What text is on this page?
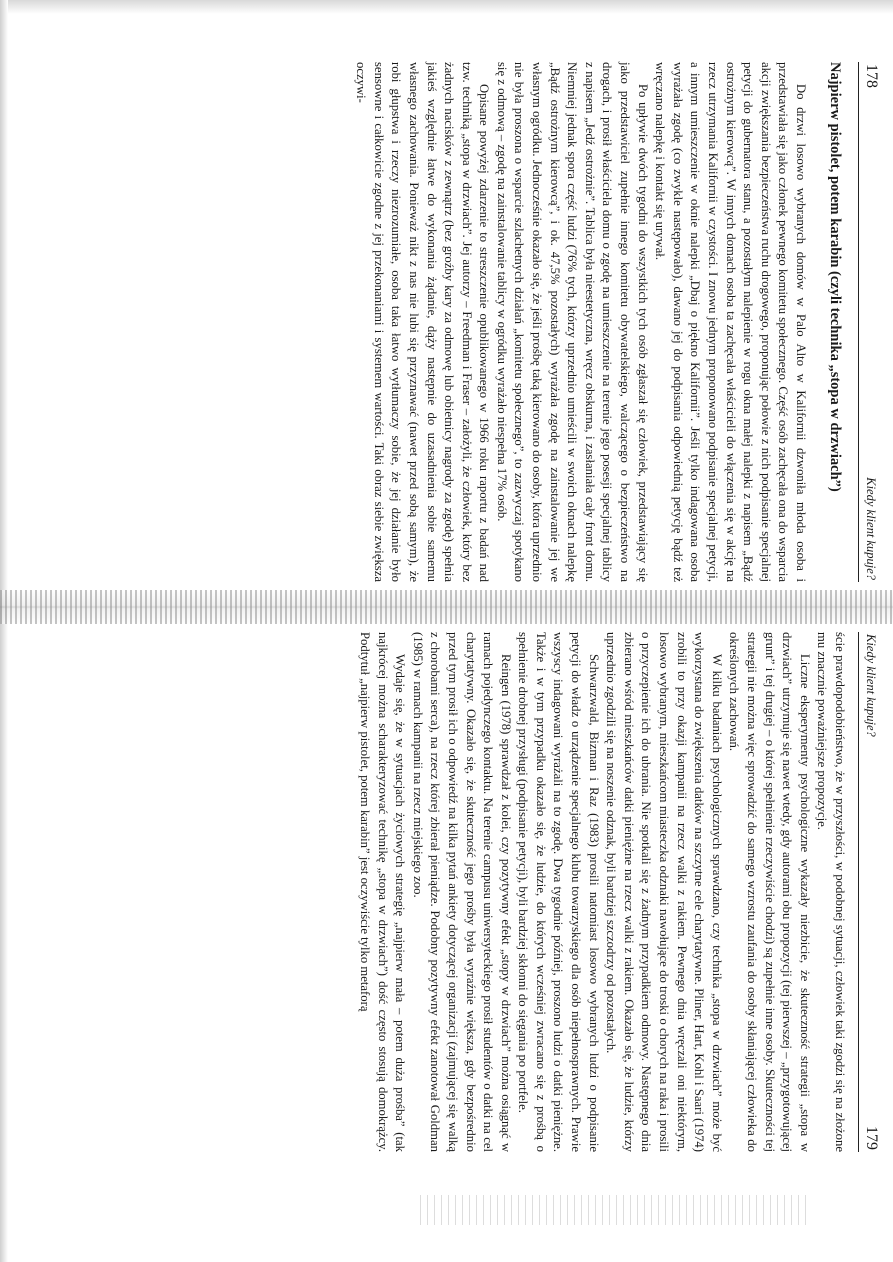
178
Kiedy klient kupuje?
Najpierw pistolet, potem karabin (czyli technika „stopa w drzwiach”)

Do drzwi losowo wybranych domów w Palo Alto w Kalifornii dzwoniła młoda osoba i przedstawiała się jako członek pewnego komitetu społecznego. Część osób zachęcała ona do wsparcia akcji zwiększania bezpieczeństwa ruchu drogowego, proponując połowie z nich podpisanie specjalnej petycji do gubernatora stanu, a pozostałym nalepienie w rogu okna małej nalepki z napisem „Bądź ostrożnym kierowcą”. W innych domach osoba ta zachęcała właścicieli do włączenia się w akcję na rzecz utrzymania Kalifornii w czystości. I znowu jednym proponowano podpisanie specjalnej petycji, a innym umieszczenie w oknie nalepki „Dbaj o piękno Kalifornii”. Jeśli tylko indagowana osoba wyrażała zgodę (co zwykle następowało), dawano jej do podpisania odpowiednią petycję bądź też wręczano nalepkę i kontakt się urywał.

Po upływie dwóch tygodni do wszystkich tych osób zgłaszał się człowiek, przedstawiający się jako przedstawiciel zupełnie innego komitetu obywatelskiego, walczącego o bezpieczeństwo na drogach, i prosił właściciela domu o zgodę na umieszczenie na terenie jego posesji specjalnej tablicy z napisem „Jedź ostrożnie”. Tablica była nieestetyczna, wręcz obskurna, i zasłaniała cały front domu. Niemniej jednak spora część ludzi (76% tych, którzy uprzednio umieścili w swoich oknach nalepkę „Bądź ostrożnym kierowcą”, i ok. 47,5% pozostałych) wyrażała zgodę na zainstalowanie jej we własnym ogródku. Jednocześnie okazało się, że jeśli prośbę taką kierowano do osoby, która uprzednio nie była proszona o wsparcie szlachetnych działań „komitetu społecznego”, to zazwyczaj spotykano się z odmową – zgodę na zainstalowanie tablicy w ogródku wyrażało niespełna 17% osób.

Opisane powyżej zdarzenie to streszczenie opublikowanego w 1966 roku raportu z badań nad tzw. techniką „stopa w drzwiach”. Jej autorzy – Freedman i Fraser – założyli, że człowiek, który bez żadnych nacisków z zewnątrz (bez groźby kary za odmowę lub obietnicy nagrody za zgodę) spełnia jakieś względnie łatwe do wykonania żądanie, dąży następnie do uzasadnienia sobie samemu własnego zachowania. Ponieważ nikt z nas nie lubi się przyznawać (nawet przed sobą samym), że robi głupstwa i rzeczy niezrozumiałe, osoba taka łatwo wytłumaczy sobie, że jej działanie było sensowne i całkowicie zgodne z jej przekonaniami i systemem wartości. Taki obraz siebie zwiększa oczywi-

Kiedy klient kupuje?
179

ście prawdopodobieństwo, że w przyszłości, w podobnej sytuacji, człowiek taki zgodzi się na złożone mu znacznie poważniejsze propozycje.

Liczne eksperymenty psychologiczne wykazały niezbicie, że skuteczność strategii „stopa w drzwiach” utrzymuje się nawet wtedy, gdy autorami obu propozycji (tej pierwszej – „przygotowującej grunt” i tej drugiej – o której spełnienie rzeczywiście chodzi) są zupełnie inne osoby. Skuteczności tej strategii nie można więc sprowadzić do samego wzrostu zaufania do osoby skłaniającej człowieka do określonych zachowań.

W kilku badaniach psychologicznych sprawdzano, czy technika „stopa w drzwiach” może być wykorzystana do zwiększenia datków na szczytne cele charytatywne. Pliner, Hart, Kohl i Saari (1974) zrobili to przy okazji kampanii na rzecz walki z rakiem. Pewnego dnia wręczali oni niektórym, losowo wybranym, mieszkańcom miasteczka odznaki nawołujące do troski o chorych na raka i prosili o przyczepienie ich do ubrania. Nie spotkali się z żadnym przypadkiem odmowy. Następnego dnia zbierano wśród mieszkańców datki pieniężne na rzecz walki z rakiem. Okazało się, że ludzie, którzy uprzednio zgodzili się na noszenie odznak, byli bardziej szczodrzy od pozostałych.

Schwarzwald, Bizman i Raz (1983) prosili natomiast losowo wybranych ludzi o podpisanie petycji do władz o urządzenie specjalnego klubu towarzyskiego dla osób niepełnosprawnych. Prawie wszyscy indagowani wyrażali na to zgodę. Dwa tygodnie później, proszono ludzi o datki pieniężne. Także i w tym przypadku okazało się, że ludzie, do których wcześniej zwracano się z prośbą o spełnienie drobnej przysługi (podpisanie petycji), byli bardziej skłonni do sięgania po portfele.

Reingen (1978) sprawdzał z kolei, czy pozytywny efekt „stopy w drzwiach” można osiągnąć w ramach pojedynczego kontaktu. Na terenie campusu uniwersyteckiego prosił studentów o datki na cel charytatywny. Okazało się, że skuteczność jego prośby była wyraźnie większa, gdy bezpośrednio przed tym prosił ich o odpowiedź na kilka pytań ankiety dotyczącej organizacji (zajmującej się walką z chorobami serca), na rzecz której zbierał pieniądze. Podobny pozytywny efekt zanotował Goldman (1985) w ramach kampanii na rzecz miejskiego zoo.

Wydaje się, że w sytuacjach życiowych strategię „najpierw mała – potem duża prośba” (tak najkrócej można scharakteryzować technikę „stopa w drzwiach”) dość często stosują domokrążcy. Podtytuł „najpierw pistolet, potem karabin” jest oczywiście tylko metaforą
